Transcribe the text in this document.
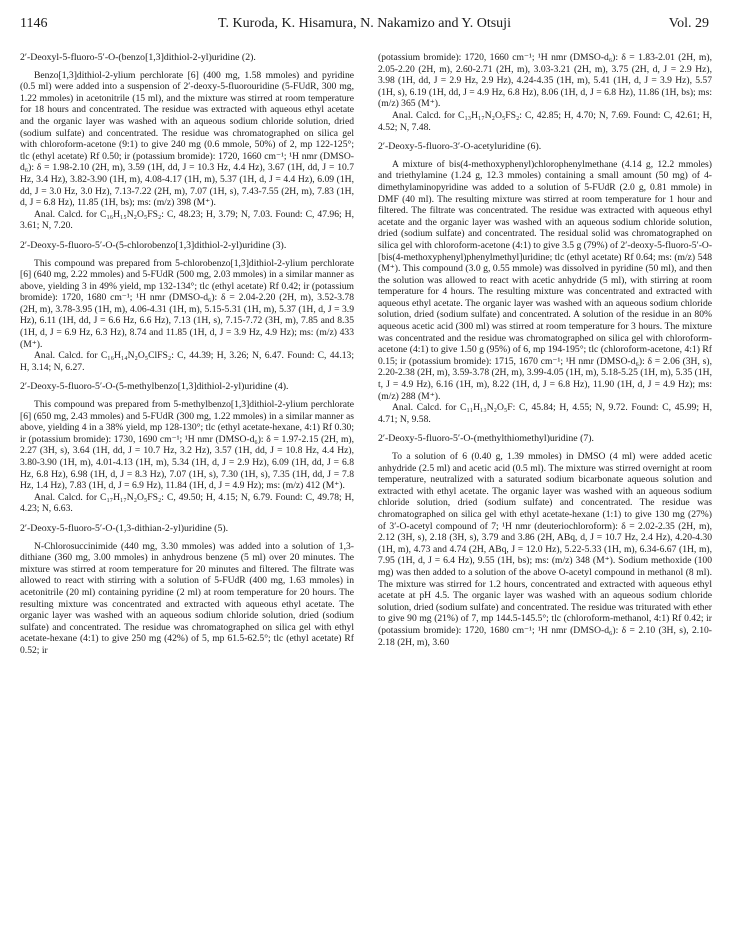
1146	T. Kuroda, K. Hisamura, N. Nakamizo and Y. Otsuji	Vol. 29

2′-Deoxyl-5-fluoro-5′-O-(benzo[1,3]dithiol-2-yl)uridine (2).

Benzo[1,3]dithiol-2-ylium perchlorate [6] (400 mg, 1.58 mmoles) and pyridine (0.5 ml) were added into a suspension of 2′-deoxy-5-fluorouridine (5-FUdR, 300 mg, 1.22 mmoles) in acetonitrile (15 ml), and the mixture was stirred at room temperature for 18 hours and concentrated. The residue was extracted with aqueous ethyl acetate and the organic layer was washed with an aqueous sodium chloride solution, dried (sodium sulfate) and concentrated. The residue was chromatographed on silica gel with chloroform-acetone (9:1) to give 240 mg (0.6 mmole, 50%) of 2, mp 122-125°; tlc (ethyl acetate) Rf 0.50; ir (potassium bromide): 1720, 1660 cm⁻¹; ¹H nmr (DMSO-d₆): δ = 1.98-2.10 (2H, m), 3.59 (1H, dd, J = 10.3 Hz, 4.4 Hz), 3.67 (1H, dd, J = 10.7 Hz, 3.4 Hz), 3.82-3.90 (1H, m), 4.08-4.17 (1H, m), 5.37 (1H, d, J = 4.4 Hz), 6.09 (1H, dd, J = 3.0 Hz, 3.0 Hz), 7.13-7.22 (2H, m), 7.07 (1H, s), 7.43-7.55 (2H, m), 7.83 (1H, d, J = 6.8 Hz), 11.85 (1H, bs); ms: (m/z) 398 (M⁺).

Anal. Calcd. for C₁₆H₁₅N₂O₅FS₂: C, 48.23; H, 3.79; N, 7.03. Found: C, 47.96; H, 3.61; N, 7.20.

2′-Deoxy-5-fluoro-5′-O-(5-chlorobenzo[1,3]dithiol-2-yl)uridine (3).

This compound was prepared from 5-chlorobenzo[1,3]dithiol-2-ylium perchlorate [6] (640 mg, 2.22 mmoles) and 5-FUdR (500 mg, 2.03 mmoles) in a similar manner as above, yielding 3 in 49% yield, mp 132-134°; tlc (ethyl acetate) Rf 0.42; ir (potassium bromide): 1720, 1680 cm⁻¹; ¹H nmr (DMSO-d₆): δ = 2.04-2.20 (2H, m), 3.52-3.78 (2H, m), 3.78-3.95 (1H, m), 4.06-4.31 (1H, m), 5.15-5.31 (1H, m), 5.37 (1H, d, J = 3.9 Hz), 6.11 (1H, dd, J = 6.6 Hz, 6.6 Hz), 7.13 (1H, s), 7.15-7.72 (3H, m), 7.85 and 8.35 (1H, d, J = 6.9 Hz, 6.3 Hz), 8.74 and 11.85 (1H, d, J = 3.9 Hz, 4.9 Hz); ms: (m/z) 433 (M⁺).

Anal. Calcd. for C₁₆H₁₄N₂O₅ClFS₂: C, 44.39; H, 3.26; N, 6.47. Found: C, 44.13; H, 3.14; N, 6.27.

2′-Deoxy-5-fluoro-5′-O-(5-methylbenzo[1,3]dithiol-2-yl)uridine (4).

This compound was prepared from 5-methylbenzo[1,3]dithiol-2-ylium perchlorate [6] (650 mg, 2.43 mmoles) and 5-FUdR (300 mg, 1.22 mmoles) in a similar manner as above, yielding 4 in a 38% yield, mp 128-130°; tlc (ethyl acetate-hexane, 4:1) Rf 0.30; ir (potassium bromide): 1730, 1690 cm⁻¹; ¹H nmr (DMSO-d₆): δ = 1.97-2.15 (2H, m), 2.27 (3H, s), 3.64 (1H, dd, J = 10.7 Hz, 3.2 Hz), 3.57 (1H, dd, J = 10.8 Hz, 4.4 Hz), 3.80-3.90 (1H, m), 4.01-4.13 (1H, m), 5.34 (1H, d, J = 2.9 Hz), 6.09 (1H, dd, J = 6.8 Hz, 6.8 Hz), 6.98 (1H, d, J = 8.3 Hz), 7.07 (1H, s), 7.30 (1H, s), 7.35 (1H, dd, J = 7.8 Hz, 1.4 Hz), 7.83 (1H, d, J = 6.9 Hz), 11.84 (1H, d, J = 4.9 Hz); ms: (m/z) 412 (M⁺).

Anal. Calcd. for C₁₇H₁₇N₂O₅FS₂: C, 49.50; H, 4.15; N, 6.79. Found: C, 49.78; H, 4.23; N, 6.63.

2′-Deoxy-5-fluoro-5′-O-(1,3-dithian-2-yl)uridine (5).

N-Chlorosuccinimide (440 mg, 3.30 mmoles) was added into a solution of 1,3-dithiane (360 mg, 3.00 mmoles) in anhydrous benzene (5 ml) over 20 minutes. The mixture was stirred at room temperature for 20 minutes and filtered. The filtrate was allowed to react with stirring with a solution of 5-FUdR (400 mg, 1.63 mmoles) in acetonitrile (20 ml) containing pyridine (2 ml) at room temperature for 20 hours. The resulting mixture was concentrated and extracted with aqueous ethyl acetate. The organic layer was washed with an aqueous sodium chloride solution, dried (sodium sulfate) and concentrated. The residue was chromatographed on silica gel with ethyl acetate-hexane (4:1) to give 250 mg (42%) of 5, mp 61.5-62.5°; tlc (ethyl acetate) Rf 0.52; ir

(potassium bromide): 1720, 1660 cm⁻¹; ¹H nmr (DMSO-d₆): δ = 1.83-2.01 (2H, m), 2.05-2.20 (2H, m), 2.60-2.71 (2H, m), 3.03-3.21 (2H, m), 3.75 (2H, d, J = 2.9 Hz), 3.98 (1H, dd, J = 2.9 Hz, 2.9 Hz), 4.24-4.35 (1H, m), 5.41 (1H, d, J = 3.9 Hz), 5.57 (1H, s), 6.19 (1H, dd, J = 4.9 Hz, 6.8 Hz), 8.06 (1H, d, J = 6.8 Hz), 11.86 (1H, bs); ms: (m/z) 365 (M⁺).

Anal. Calcd. for C₁₃H₁₇N₂O₅FS₂: C, 42.85; H, 4.70; N, 7.69. Found: C, 42.61; H, 4.52; N, 7.48.

2′-Deoxy-5-fluoro-3′-O-acetyluridine (6).

A mixture of bis(4-methoxyphenyl)chlorophenylmethane (4.14 g, 12.2 mmoles) and triethylamine (1.24 g, 12.3 mmoles) containing a small amount (50 mg) of 4-dimethylaminopyridine was added to a solution of 5-FUdR (2.0 g, 0.81 mmole) in DMF (40 ml). The resulting mixture was stirred at room temperature for 1 hour and filtered. The filtrate was concentrated. The residue was extracted with aqueous ethyl acetate and the organic layer was washed with an aqueous sodium chloride solution, dried (sodium sulfate) and concentrated. The residual solid was chromatographed on silica gel with chloroform-acetone (4:1) to give 3.5 g (79%) of 2′-deoxy-5-fluoro-5′-O-[bis(4-methoxyphenyl)phenylmethyl]uridine; tlc (ethyl acetate) Rf 0.64; ms: (m/z) 548 (M⁺). This compound (3.0 g, 0.55 mmole) was dissolved in pyridine (50 ml), and then the solution was allowed to react with acetic anhydride (5 ml), with stirring at room temperature for 4 hours. The resulting mixture was concentrated and extracted with aqueous ethyl acetate. The organic layer was washed with an aqueous sodium chloride solution, dried (sodium sulfate) and concentrated. A solution of the residue in an 80% aqueous acetic acid (300 ml) was stirred at room temperature for 3 hours. The mixture was concentrated and the residue was chromatographed on silica gel with chloroform-acetone (4:1) to give 1.50 g (95%) of 6, mp 194-195°; tlc (chloroform-acetone, 4:1) Rf 0.15; ir (potassium bromide): 1715, 1670 cm⁻¹; ¹H nmr (DMSO-d₆): δ = 2.06 (3H, s), 2.20-2.38 (2H, m), 3.59-3.78 (2H, m), 3.99-4.05 (1H, m), 5.18-5.25 (1H, m), 5.35 (1H, t, J = 4.9 Hz), 6.16 (1H, m), 8.22 (1H, d, J = 6.8 Hz), 11.90 (1H, d, J = 4.9 Hz); ms: (m/z) 288 (M⁺).

Anal. Calcd. for C₁₁H₁₃N₂O₅F: C, 45.84; H, 4.55; N, 9.72. Found: C, 45.99; H, 4.71; N, 9.58.

2′-Deoxy-5-fluoro-5′-O-(methylthiomethyl)uridine (7).

To a solution of 6 (0.40 g, 1.39 mmoles) in DMSO (4 ml) were added acetic anhydride (2.5 ml) and acetic acid (0.5 ml). The mixture was stirred overnight at room temperature, neutralized with a saturated sodium bicarbonate aqueous solution and extracted with ethyl acetate. The organic layer was washed with an aqueous sodium chloride solution, dried (sodium sulfate) and concentrated. The residue was chromatographed on silica gel with ethyl acetate-hexane (1:1) to give 130 mg (27%) of 3′-O-acetyl compound of 7; ¹H nmr (deuteriochloroform): δ = 2.02-2.35 (2H, m), 2.12 (3H, s), 2.18 (3H, s), 3.79 and 3.86 (2H, ABq, d, J = 10.7 Hz, 2.4 Hz), 4.20-4.30 (1H, m), 4.73 and 4.74 (2H, ABq, J = 12.0 Hz), 5.22-5.33 (1H, m), 6.34-6.67 (1H, m), 7.95 (1H, d, J = 6.4 Hz), 9.55 (1H, bs); ms: (m/z) 348 (M⁺). Sodium methoxide (100 mg) was then added to a solution of the above O-acetyl compound in methanol (8 ml). The mixture was stirred for 1.2 hours, concentrated and extracted with aqueous ethyl acetate at pH 4.5. The organic layer was washed with an aqueous sodium chloride solution, dried (sodium sulfate) and concentrated. The residue was triturated with ether to give 90 mg (21%) of 7, mp 144.5-145.5°; tlc (chloroform-methanol, 4:1) Rf 0.42; ir (potassium bromide): 1720, 1680 cm⁻¹; ¹H nmr (DMSO-d₆): δ = 2.10 (3H, s), 2.10-2.18 (2H, m), 3.60
